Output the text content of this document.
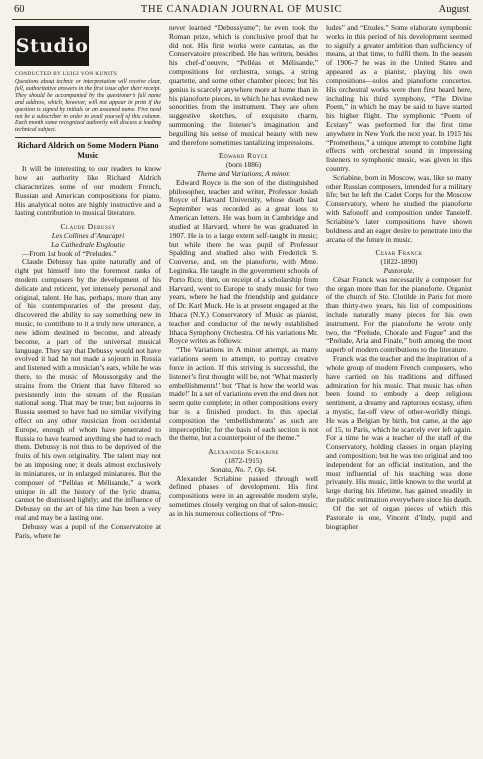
60	THE CANADIAN JOURNAL OF MUSIC	August
Studio
CONDUCTED BY LUIGI VON KUNITS
Questions about technic or interpretation will receive clear, full, authoritative answers in the first issue after their receipt. They should be accompanied by the questioner’s full name and address, which, however, will not appear in print if the question is signed by initials or an assumed name. Five need not be a subscriber in order to avail yourself of this column. Each month some recognized authority will discuss a leading technical subject.
Richard Aldrich on Some Modern Piano Music

It will be interesting to our readers to know how an authority like Richard Aldrich characterizes some of our modern French, Russian and American compositions for piano. His analytical notes are highly instructive and a lasting contribution to musical literature.

Claude Debussy
Les Collines d’Anacapri
La Cathedrale Engloutie

—From 1st book of “Preludes.”

Claude Debussy has quite naturally and of right put himself into the foremost ranks of modern composers by the development of his delicate and reticent, yet intensely personal and original, talent. He has, perhaps, more than any of his contemporaries of the present day, discovered the ability to say something new in music, to contribute to it a truly new utterance, a new idiom destined to become, and already become, a part of the universal musical language. They say that Debussy would not have evolved it had he not made a sojourn in Russia and listened with a musician’s ears, while he was there, to the music of Moussorgsky and the strains from the Orient that have filtered so persistently into the stream of the Russian national song. That may be true; but sojourns in Russia seemed to have had no similar vivifying effect on any other musician from occidental Europe, enough of whom have penetrated to Russia to have learned anything she had to reach them. Debussy is not thus to be deprived of the fruits of his own originality. The talent may not be an imposing one; it deals almost exclusively in miniatures, or in enlarged miniatures. But the composer of “Pelléas et Mélisande,” a work unique in all the history of the lyric drama, cannot be dismissed lightly; and the influence of Debussy on the art of his time has been a very real and may be a lasting one.

Debussy was a pupil of the Conservatoire at Paris, where he

never learned “Debussysme”; he even took the Roman prize, which is conclusive proof that he did not. His first works were cantatas, as the Conservatoire prescribed. He has written, besides his chef-d’oeuvre, “Pelléas et Mélisande,” compositions for orchestra, songs, a string quartette, and some other chamber pieces; but his genius is scarcely anywhere more at home than in his pianoforte pieces, in which he has evoked new sonorities from the instrument. They are often suggestive sketches, of exquisite charm, summoning the listener’s imagination and beguiling his sense of musical beauty with new and therefore sometimes tantalizing impressions.

Edward Royce
(born 1886)
Theme and Variations, A minor.

Edward Royce is the son of the distinguished philosopher, teacher and writer, Professor Josiah Royce of Harvard University, whose death last September was recorded as a great loss to American letters. He was born in Cambridge and studied at Harvard, where he was graduated in 1907. He is to a large extent self-taught in music; but while there he was pupil of Professor Spalding and studied also with Frederick S. Converse, and, on the pianoforte, with Mme. Leginska. He taught in the government schools of Porto Rico; then, on receipt of a scholarship from Harvard, went to Europe to study music for two years, where he had the friendship and guidance of Dr. Karl Muck. He is at present engaged at the Ithaca (N.Y.) Conservatory of Music as pianist, teacher and conductor of the newly established Ithaca Symphony Orchestra. Of his variations Mr. Royce writes as follows:

“The Variations in A minor attempt, as many variations seem to attempt, to portray creative force in action. If this striving is successful, the listener’s first thought will be, not ‘What masterly embellishments!’ but ‘That is how the world was made!’ In a set of variations even the end does not seem quite complete; in other compositions every bar is a finished product. In this special composition the ‘embellishments’ as such are imperceptible; for the basis of each section is not the theme, but a counterpoint of the theme.”

Alexander Scriabine
(1872-1915)
Sonata, No. 7, Op. 64.

Alexander Scriabine passed through well defined phases of development. His first compositions were in an agreeable modern style, sometimes closely verging on that of salon-music; as in his numerous collections of “Pre-

ludes” and “Etudes.” Some elaborate symphonic works in this period of his development seemed to signify a greater ambition than sufficiency of means, at that time, to fulfil them. In the season of 1906-7 he was in the United States and appeared as a pianist, playing his own compositions—solos and pianoforte concertos. His orchestral works were then first heard here, including his third symphony, “The Divine Poem,” in which he may be said to have started his higher flight. The symphonic “Poem of Ecstasy” was performed for the first time anywhere in New York the next year. In 1915 his “Prometheus,” a unique attempt to combine light effects with orchestral sound in impressing listeners to symphonic music, was given in this country.

Scriabine, born in Moscow, was, like so many other Russian composers, intended for a military life; but he left the Cadet Corps for the Moscow Conservatory, where he studied the pianoforte with Safonoff and composition under Taneieff. Scriabine’s later compositions have shown boldness and an eager desire to penetrate into the arcana of the future in music.

Cesar Franck
(1822-1890)
Pastorale.

César Franck was necessarily a composer for the organ more than for the pianoforte. Organist of the church of Ste. Clotilde in Paris for more than thirty-two years, his list of compositions include naturally many pieces for his own instrument. For the pianoforte he wrote only two, the “Prelude, Chorale and Fugue” and the “Prelude, Aria and Finale,” both among the most superb of modern contributions to the literature.

Franck was the teacher and the inspiration of a whole group of modern French composers, who have carried on his traditions and diffused admiration for his music. That music has often been found to embody a deep religious sentiment, a dreamy and rapturous ecstasy, often a mystic, far-off view of other-worldly things. He was a Belgian by birth, but came, at the age of 15, to Paris, which he scarcely ever left again. For a time he was a teacher of the staff of the Conservatory, holding classes in organ playing and composition; but he was too original and too independent for an official institution, and the most influential of his teaching was done privately. His music, little known to the world at large during his lifetime, has gained steadily in the public estimation everywhere since his death.

Of the set of organ pieces of which this Pastorale is one, Vincent d’Indy, pupil and biographer
